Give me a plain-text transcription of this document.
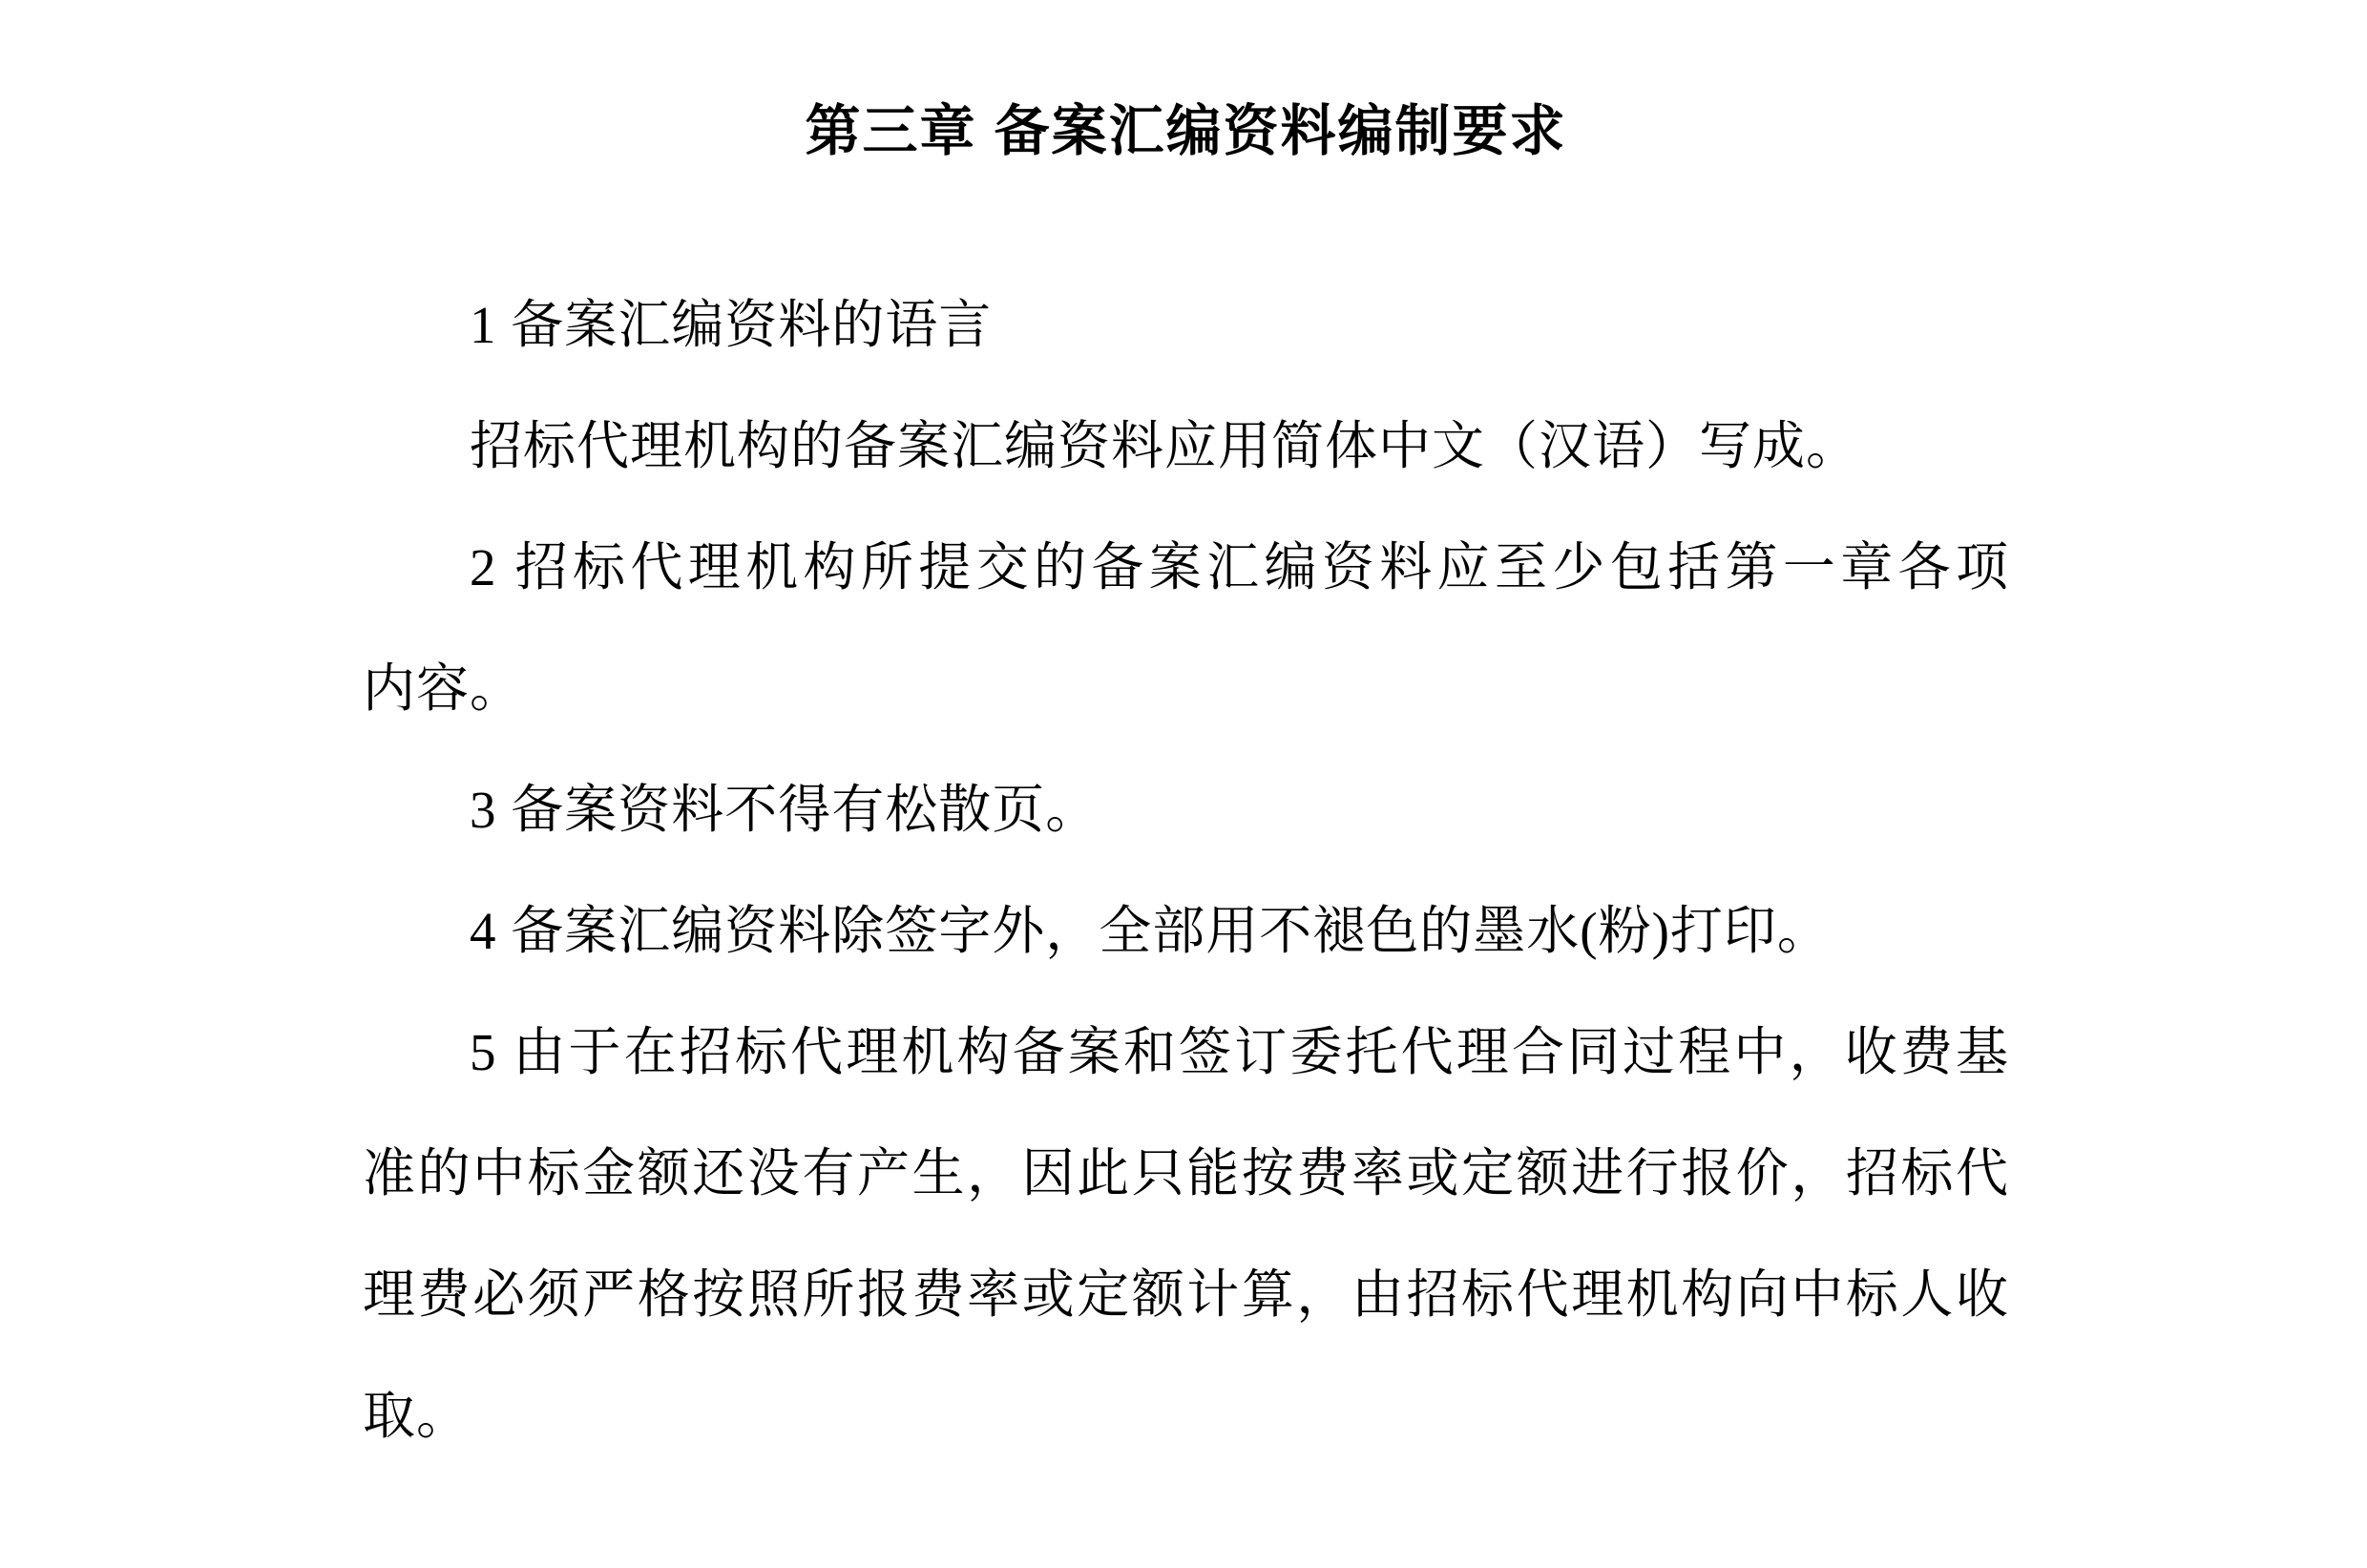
第三章 备案汇编资料编制要求
1 备案汇编资料的语言
招标代理机构的备案汇编资料应用简体中文（汉语）写成。
2 招标代理机构所提交的备案汇编资料应至少包括第一章各项
内容。
3 备案资料不得有松散页。
4 备案汇编资料除签字外，全部用不褪色的墨水(粉)打印。
5 由于在招标代理机构备案和签订委托代理合同过程中，收费基
准的中标金额还没有产生，因此只能按费率或定额进行报价，招标代
理费必须严格按照所报费率或定额计算，由招标代理机构向中标人收
取。
